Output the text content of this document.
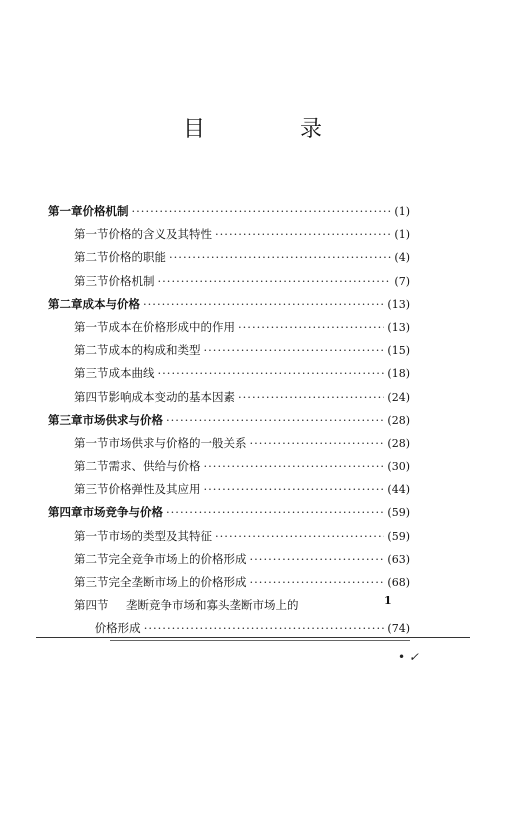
目 录
第一章 价格机制 ·····	(1)
第一节 价格的含义及其特性 ·····	(1)
第二节 价格的职能 ·····	(4)
第三节 价格机制 ·····	(7)
第二章 成本与价格 ·····	(13)
第一节 成本在价格形成中的作用 ·····	(13)
第二节 成本的构成和类型 ·····	(15)
第三节 成本曲线 ·····	(18)
第四节 影响成本变动的基本因素 ·····	(24)
第三章 市场供求与价格 ·····	(28)
第一节 市场供求与价格的一般关系 ·····	(28)
第二节 需求、供给与价格 ·····	(30)
第三节 价格弹性及其应用 ·····	(44)
第四章 市场竞争与价格 ·····	(59)
第一节 市场的类型及其特征 ·····	(59)
第二节 完全竞争市场上的价格形成 ·····	(63)
第三节 完全垄断市场上的价格形成 ·····	(68)
第四节	垄断竞争市场和寡头垄断市场上的
价格形成 ·····	(74)
1
• ✓
